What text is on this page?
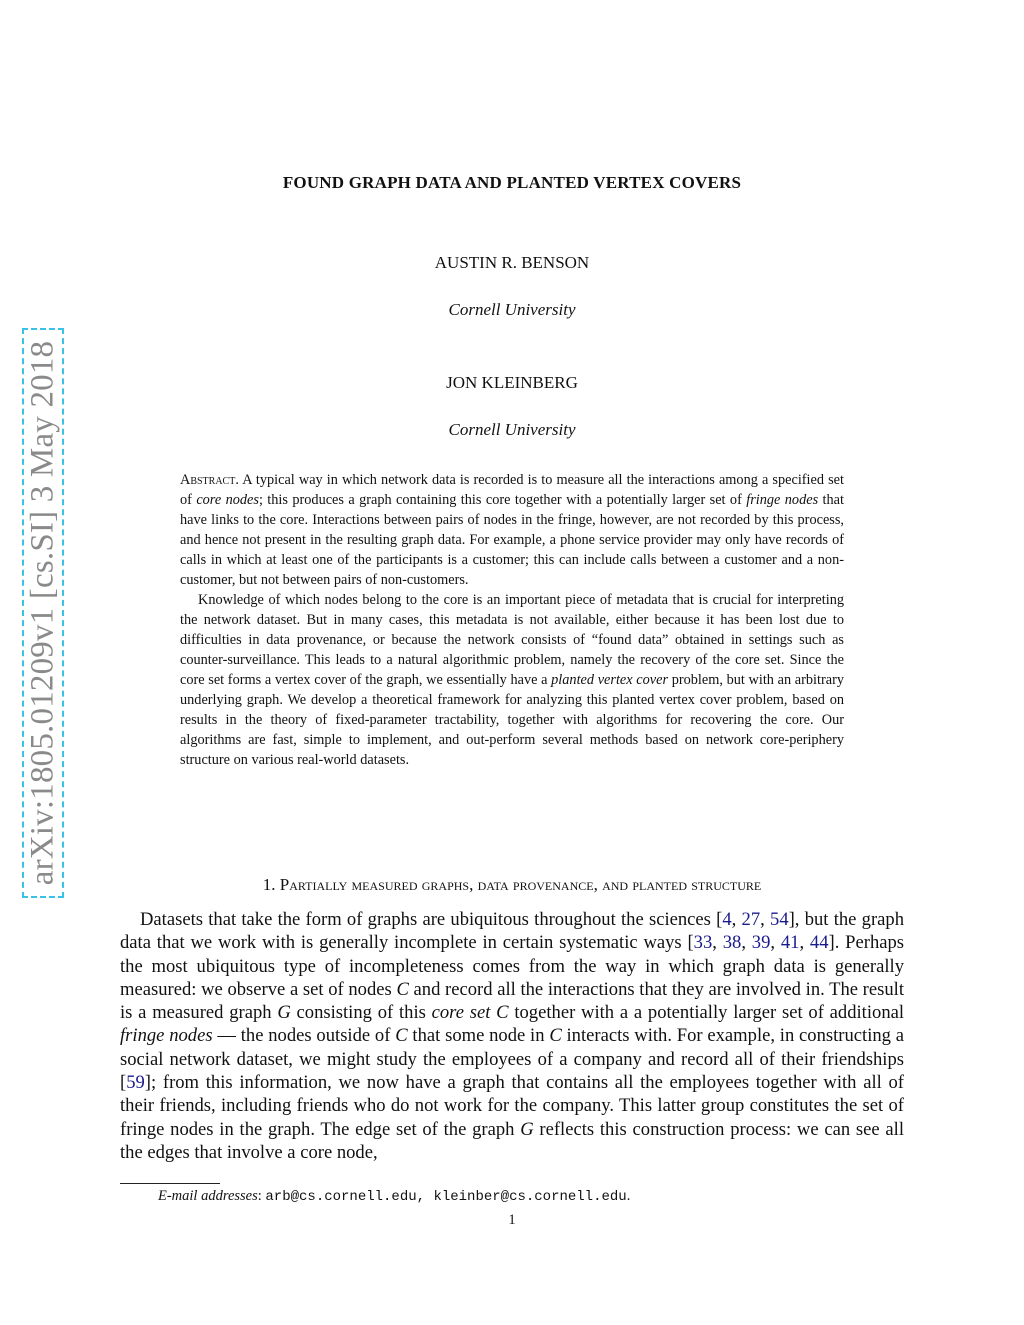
arXiv:1805.01209v1 [cs.SI] 3 May 2018
FOUND GRAPH DATA AND PLANTED VERTEX COVERS
AUSTIN R. BENSON
Cornell University
JON KLEINBERG
Cornell University

Abstract. A typical way in which network data is recorded is to measure all the interactions among a specified set of core nodes; this produces a graph containing this core together with a potentially larger set of fringe nodes that have links to the core. Interactions between pairs of nodes in the fringe, however, are not recorded by this process, and hence not present in the resulting graph data. For example, a phone service provider may only have records of calls in which at least one of the participants is a customer; this can include calls between a customer and a non-customer, but not between pairs of non-customers.

Knowledge of which nodes belong to the core is an important piece of metadata that is crucial for interpreting the network dataset. But in many cases, this metadata is not available, either because it has been lost due to difficulties in data provenance, or because the network consists of “found data” obtained in settings such as counter-surveillance. This leads to a natural algorithmic problem, namely the recovery of the core set. Since the core set forms a vertex cover of the graph, we essentially have a planted vertex cover problem, but with an arbitrary underlying graph. We develop a theoretical framework for analyzing this planted vertex cover problem, based on results in the theory of fixed-parameter tractability, together with algorithms for recovering the core. Our algorithms are fast, simple to implement, and out-perform several methods based on network core-periphery structure on various real-world datasets.

1. Partially measured graphs, data provenance, and planted structure

Datasets that take the form of graphs are ubiquitous throughout the sciences [4, 27, 54], but the graph data that we work with is generally incomplete in certain systematic ways [33, 38, 39, 41, 44]. Perhaps the most ubiquitous type of incompleteness comes from the way in which graph data is generally measured: we observe a set of nodes C and record all the interactions that they are involved in. The result is a measured graph G consisting of this core set C together with a a potentially larger set of additional fringe nodes — the nodes outside of C that some node in C interacts with. For example, in constructing a social network dataset, we might study the employees of a company and record all of their friendships [59]; from this information, we now have a graph that contains all the employees together with all of their friends, including friends who do not work for the company. This latter group constitutes the set of fringe nodes in the graph. The edge set of the graph G reflects this construction process: we can see all the edges that involve a core node,

E-mail addresses: arb@cs.cornell.edu, kleinber@cs.cornell.edu.
1
